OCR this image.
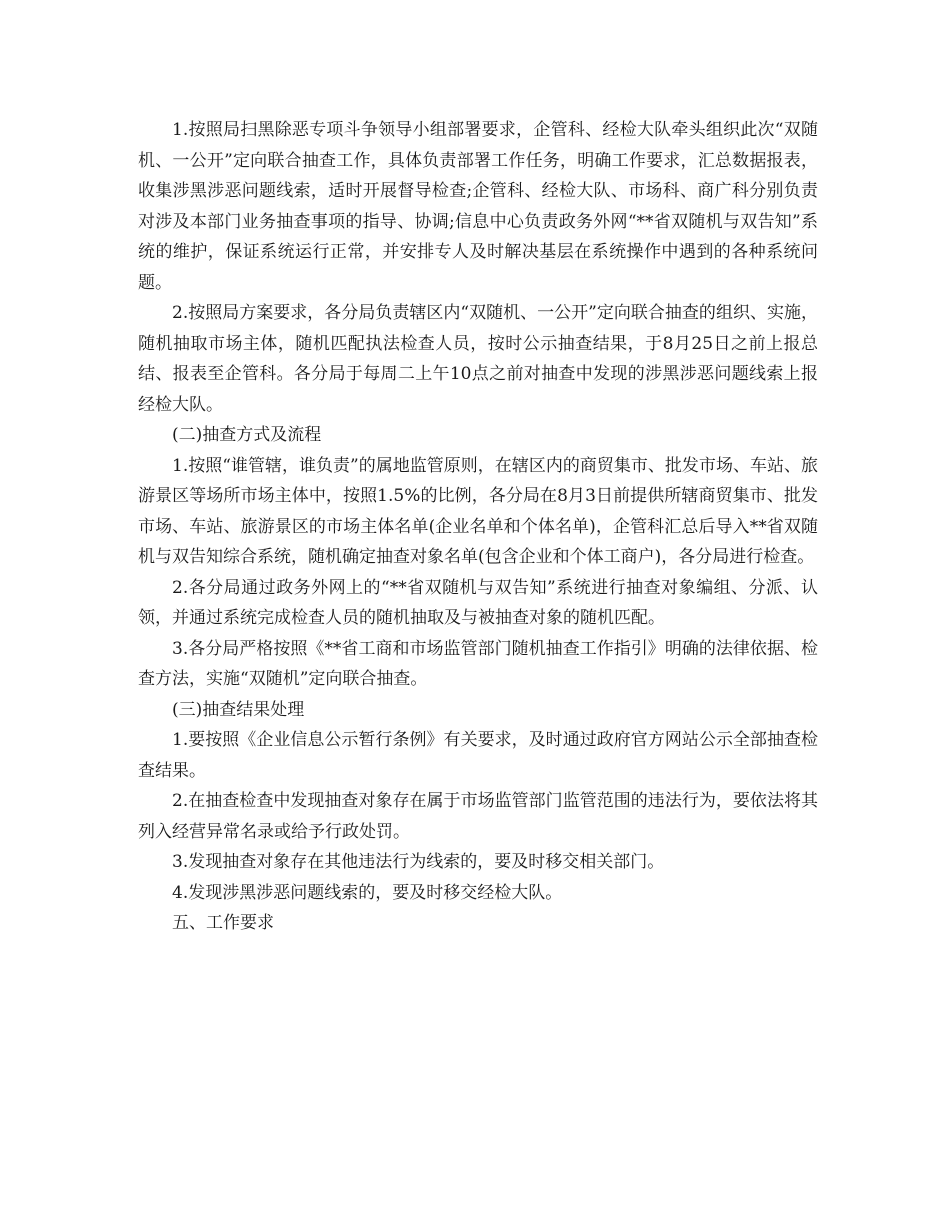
1.按照局扫黑除恶专项斗争领导小组部署要求，企管科、经检大队牵头组织此次“双随机、一公开”定向联合抽查工作，具体负责部署工作任务，明确工作要求，汇总数据报表，收集涉黑涉恶问题线索，适时开展督导检查;企管科、经检大队、市场科、商广科分别负责对涉及本部门业务抽查事项的指导、协调;信息中心负责政务外网“**省双随机与双告知”系统的维护，保证系统运行正常，并安排专人及时解决基层在系统操作中遇到的各种系统问题。

2.按照局方案要求，各分局负责辖区内“双随机、一公开”定向联合抽查的组织、实施，随机抽取市场主体，随机匹配执法检查人员，按时公示抽查结果，于8月25日之前上报总结、报表至企管科。各分局于每周二上午10点之前对抽查中发现的涉黑涉恶问题线索上报经检大队。

(二)抽查方式及流程

1.按照“谁管辖，谁负责”的属地监管原则，在辖区内的商贸集市、批发市场、车站、旅游景区等场所市场主体中，按照1.5%的比例，各分局在8月3日前提供所辖商贸集市、批发市场、车站、旅游景区的市场主体名单(企业名单和个体名单)，企管科汇总后导入**省双随机与双告知综合系统，随机确定抽查对象名单(包含企业和个体工商户)，各分局进行检查。

2.各分局通过政务外网上的“**省双随机与双告知”系统进行抽查对象编组、分派、认领，并通过系统完成检查人员的随机抽取及与被抽查对象的随机匹配。

3.各分局严格按照《**省工商和市场监管部门随机抽查工作指引》明确的法律依据、检查方法，实施“双随机”定向联合抽查。

(三)抽查结果处理

1.要按照《企业信息公示暂行条例》有关要求，及时通过政府官方网站公示全部抽查检查结果。

2.在抽查检查中发现抽查对象存在属于市场监管部门监管范围的违法行为，要依法将其列入经营异常名录或给予行政处罚。

3.发现抽查对象存在其他违法行为线索的，要及时移交相关部门。

4.发现涉黑涉恶问题线索的，要及时移交经检大队。

五、工作要求
